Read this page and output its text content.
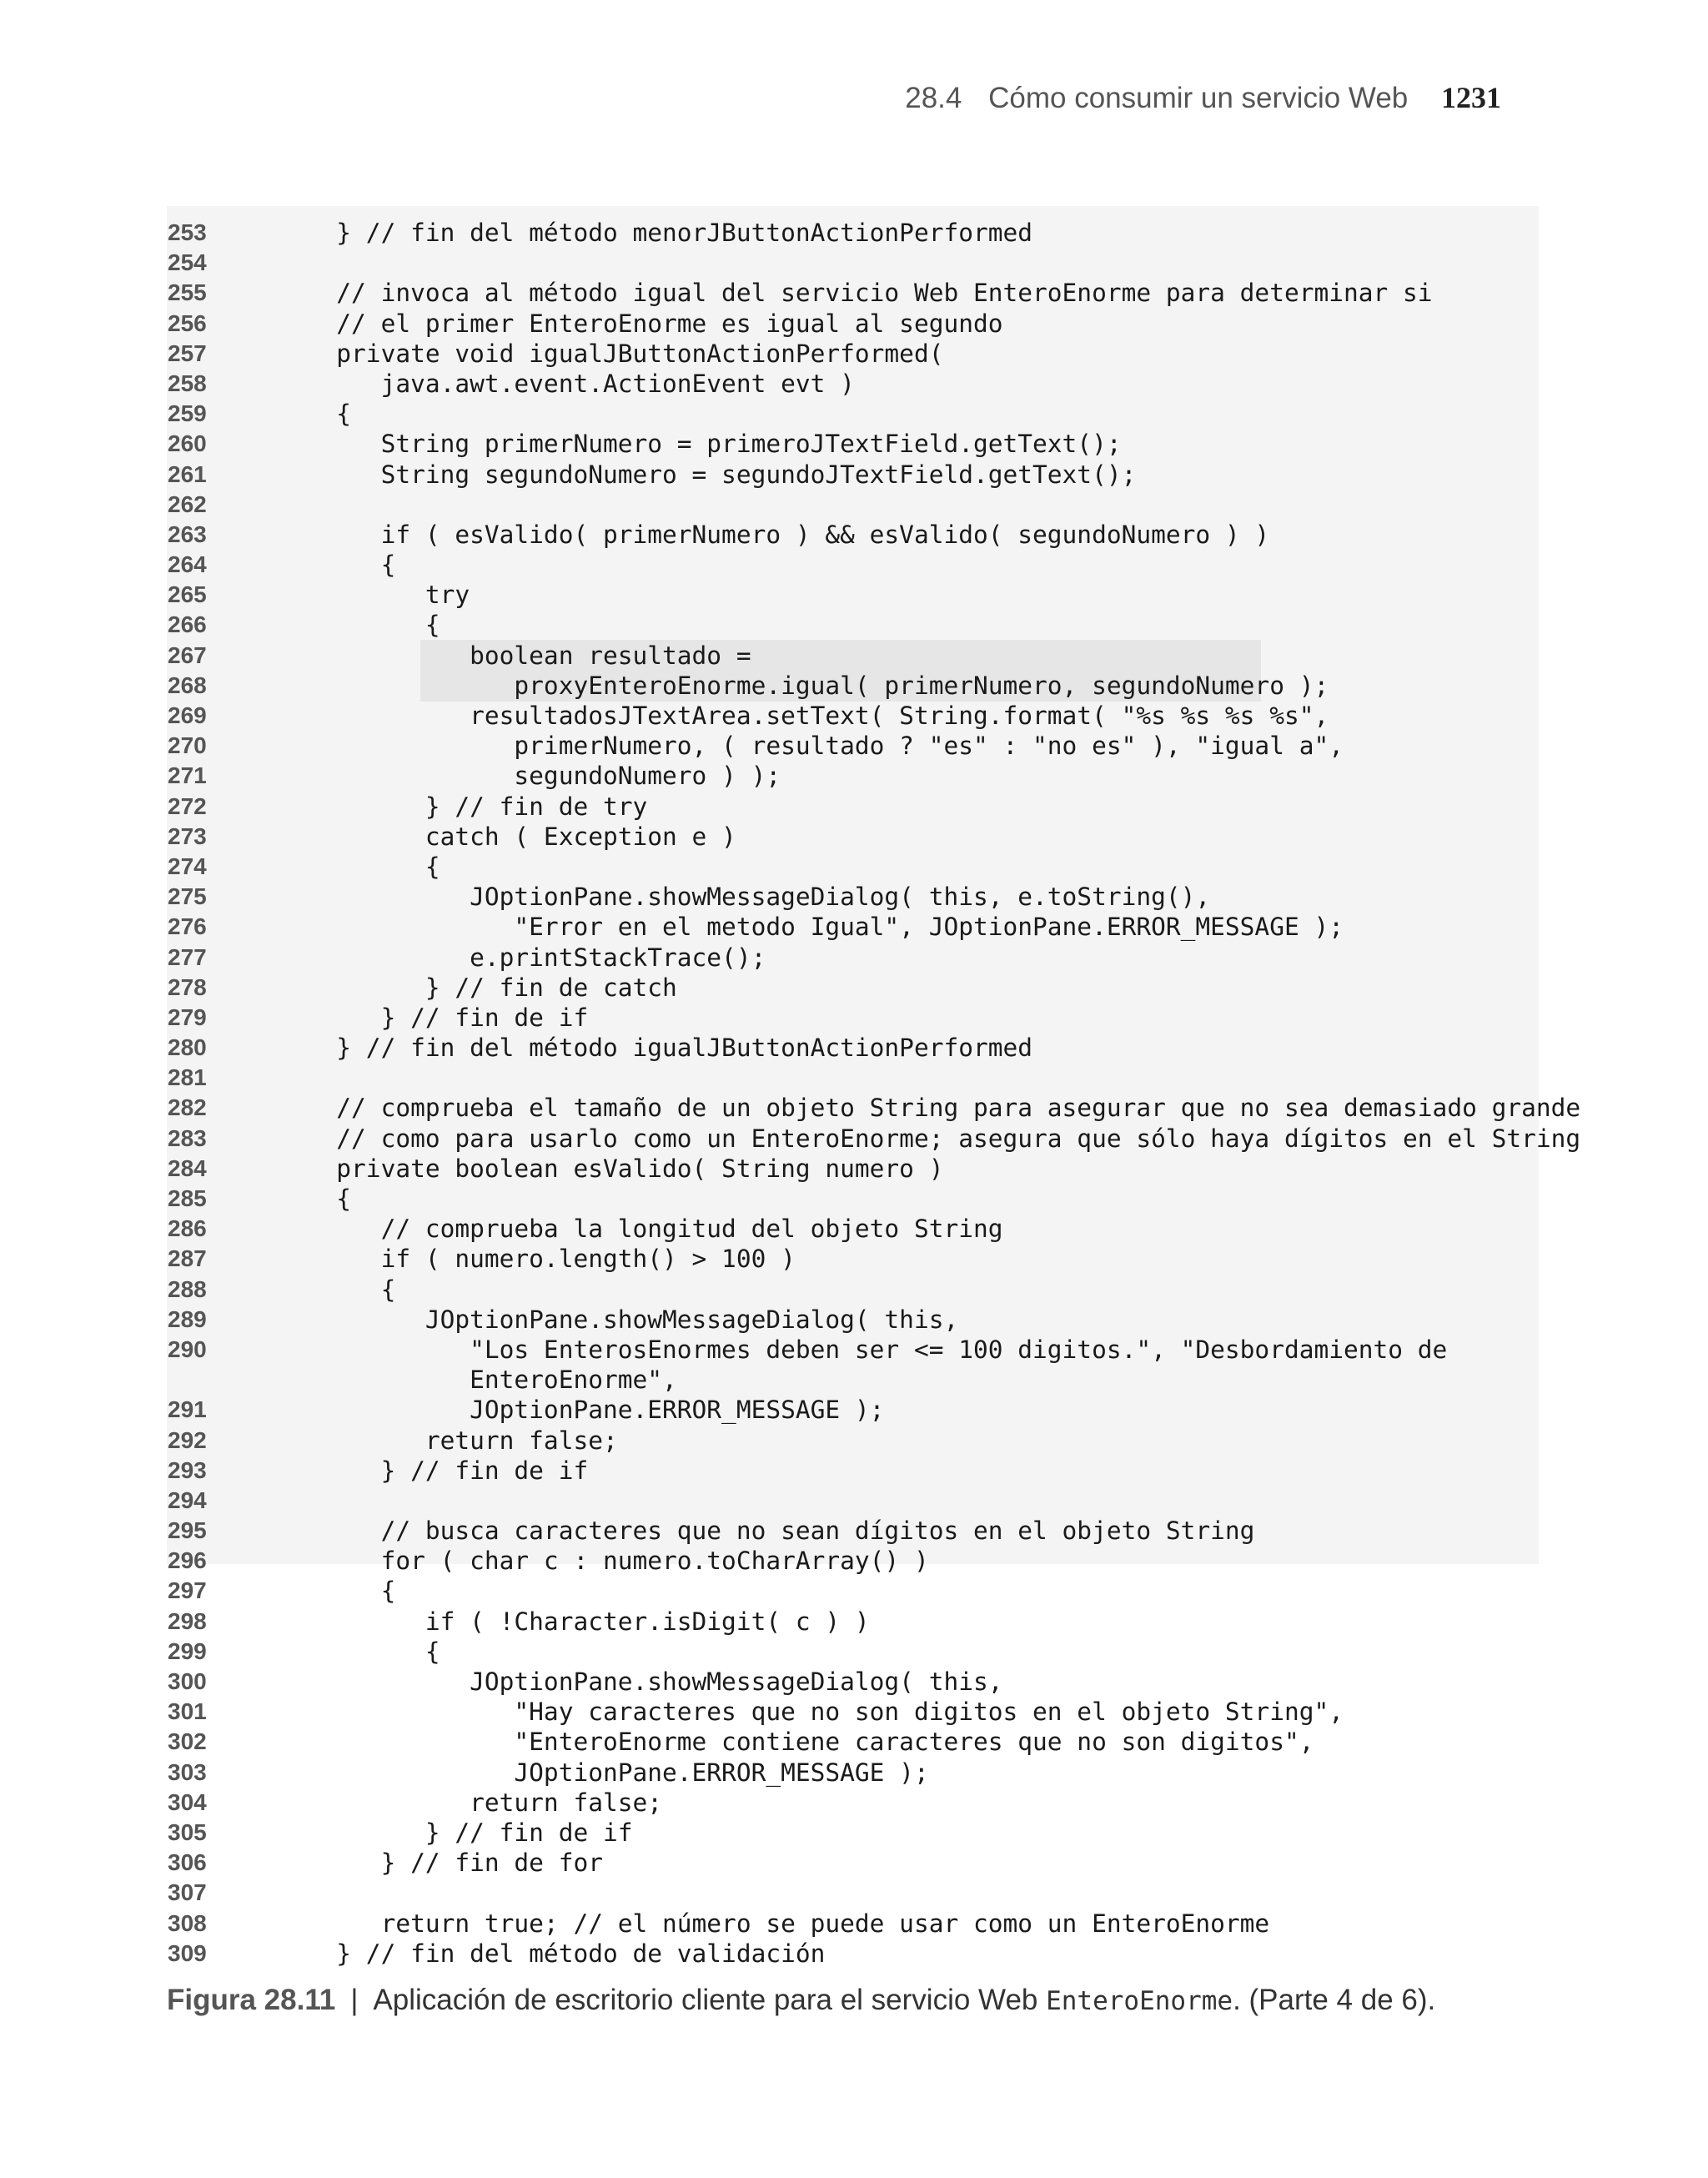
28.4 Cómo consumir un servicio Web 1231
253	} // fin del método menorJButtonActionPerformed
254
255	// invoca al método igual del servicio Web EnteroEnorme para determinar si
256	// el primer EnteroEnorme es igual al segundo
257	private void igualJButtonActionPerformed(
258	java.awt.event.ActionEvent evt )
259	{
260	String primerNumero = primeroJTextField.getText();
261	String segundoNumero = segundoJTextField.getText();
262
263	if ( esValido( primerNumero ) && esValido( segundoNumero ) )
264	{
265	try
266	{
267	boolean resultado =
268	proxyEnteroEnorme.igual( primerNumero, segundoNumero );
269	resultadosJTextArea.setText( String.format( "%s %s %s %s",
270	primerNumero, ( resultado ? "es" : "no es" ), "igual a",
271	segundoNumero ) );
272	} // fin de try
273	catch ( Exception e )
274	{
275	JOptionPane.showMessageDialog( this, e.toString(),
276	"Error en el metodo Igual", JOptionPane.ERROR_MESSAGE );
277	e.printStackTrace();
278	} // fin de catch
279	} // fin de if
280	} // fin del método igualJButtonActionPerformed
281
282	// comprueba el tamaño de un objeto String para asegurar que no sea demasiado grande
283	// como para usarlo como un EnteroEnorme; asegura que sólo haya dígitos en el String
284	private boolean esValido( String numero )
285	{
286	// comprueba la longitud del objeto String
287	if ( numero.length() > 100 )
288	{
289	JOptionPane.showMessageDialog( this,
290	"Los EnterosEnormes deben ser <= 100 digitos.", "Desbordamiento de
EnteroEnorme",
291	JOptionPane.ERROR_MESSAGE );
292	return false;
293	} // fin de if
294
295	// busca caracteres que no sean dígitos en el objeto String
296	for ( char c : numero.toCharArray() )
297	{
298	if ( !Character.isDigit( c ) )
299	{
300	JOptionPane.showMessageDialog( this,
301	"Hay caracteres que no son digitos en el objeto String",
302	"EnteroEnorme contiene caracteres que no son digitos",
303	JOptionPane.ERROR_MESSAGE );
304	return false;
305	} // fin de if
306	} // fin de for
307
308	return true; // el número se puede usar como un EnteroEnorme
309	} // fin del método de validación
Figura 28.11 | Aplicación de escritorio cliente para el servicio Web EnteroEnorme. (Parte 4 de 6).
